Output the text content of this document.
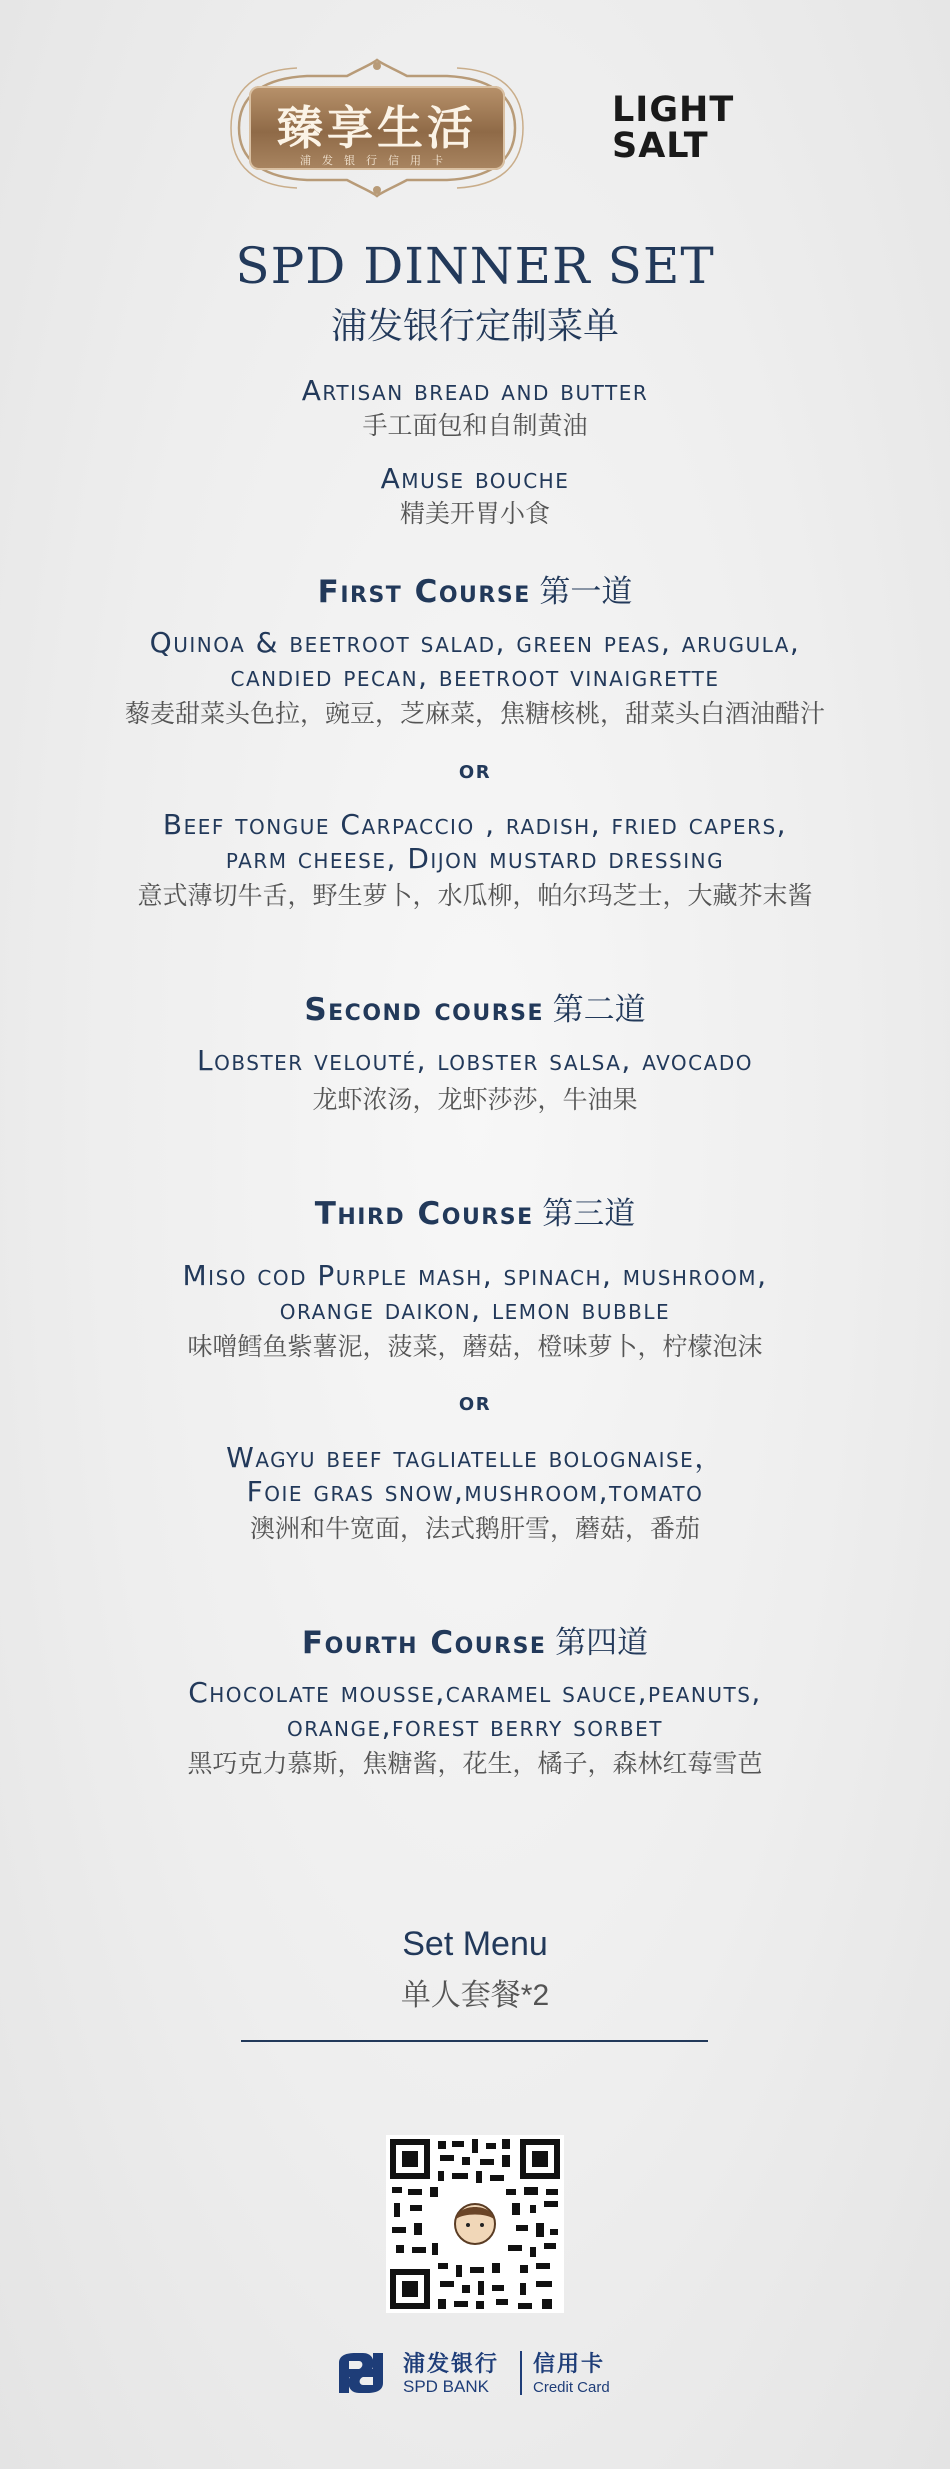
臻享生活
浦发银行信用卡
LIGHT
SALT
SPD DINNER SET
浦发银行定制菜单
Artisan bread and butter
手工面包和自制黄油
Amuse bouche
精美开胃小食
First Course 第一道
Quinoa & beetroot salad, green peas, arugula,
candied pecan, beetroot vinaigrette
藜麦甜菜头色拉，豌豆，芝麻菜，焦糖核桃，甜菜头白酒油醋汁
or
Beef tongue Carpaccio , radish, fried capers,
parm cheese, Dijon mustard dressing
意式薄切牛舌，野生萝卜，水瓜柳，帕尔玛芝士，大藏芥末酱
Second course 第二道
Lobster velouté, lobster salsa, avocado
龙虾浓汤，龙虾莎莎，牛油果
Third Course 第三道
Miso cod Purple mash, spinach, mushroom,
orange daikon, lemon bubble
味噌鳕鱼紫薯泥，菠菜，蘑菇，橙味萝卜，柠檬泡沫
or
Wagyu beef tagliatelle bolognaise，
Foie gras snow,mushroom,tomato
澳洲和牛宽面，法式鹅肝雪，蘑菇，番茄
Fourth Course 第四道
Chocolate mousse,caramel sauce,peanuts,
orange,forest berry sorbet
黑巧克力慕斯，焦糖酱，花生，橘子，森林红莓雪芭
Set Menu
单人套餐*2
浦发银行
SPD BANK
信用卡
Credit Card
